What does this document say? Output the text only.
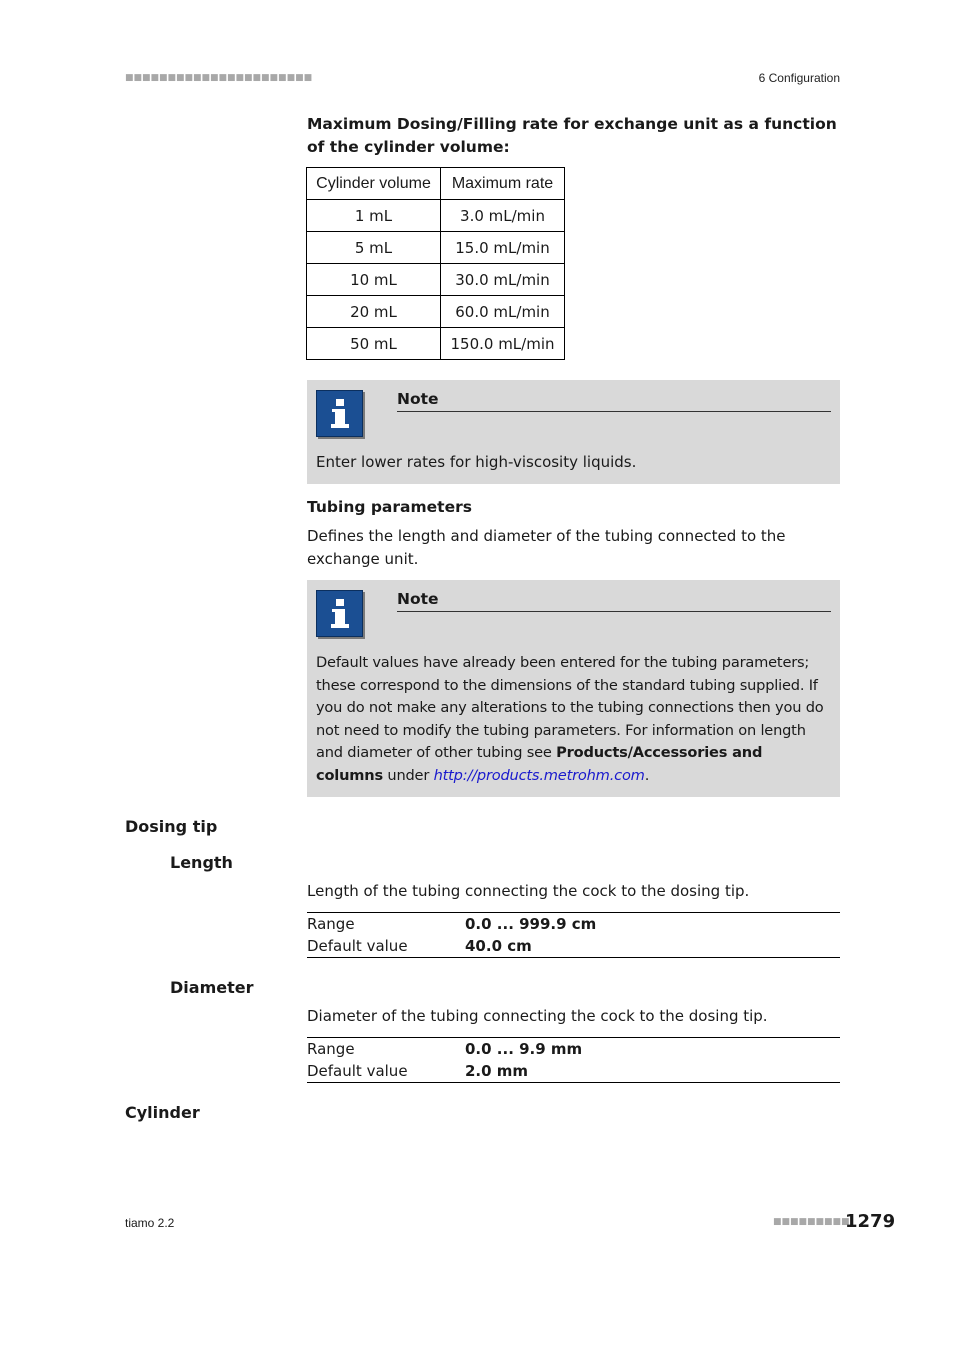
■■■■■■■■■■■■■■■■■■■■■■	6 Configuration
Maximum Dosing/Filling rate for exchange unit as a function of the cylinder volume:
Cylinder volume	Maximum rate
1 mL	3.0 mL/min
5 mL	15.0 mL/min
10 mL	30.0 mL/min
20 mL	60.0 mL/min
50 mL	150.0 mL/min
Note
Enter lower rates for high-viscosity liquids.
Tubing parameters
Defines the length and diameter of the tubing connected to the exchange unit.
Note
Default values have already been entered for the tubing parameters; these correspond to the dimensions of the standard tubing supplied. If you do not make any alterations to the tubing connections then you do not need to modify the tubing parameters. For information on length and diameter of other tubing see Products/Accessories and columns under http://products.metrohm.com.
Dosing tip
Length
Length of the tubing connecting the cock to the dosing tip.
Range	0.0 ... 999.9 cm
Default value	40.0 cm
Diameter
Diameter of the tubing connecting the cock to the dosing tip.
Range	0.0 ... 9.9 mm
Default value	2.0 mm
Cylinder
tiamo 2.2	■■■■■■■■■
1279
